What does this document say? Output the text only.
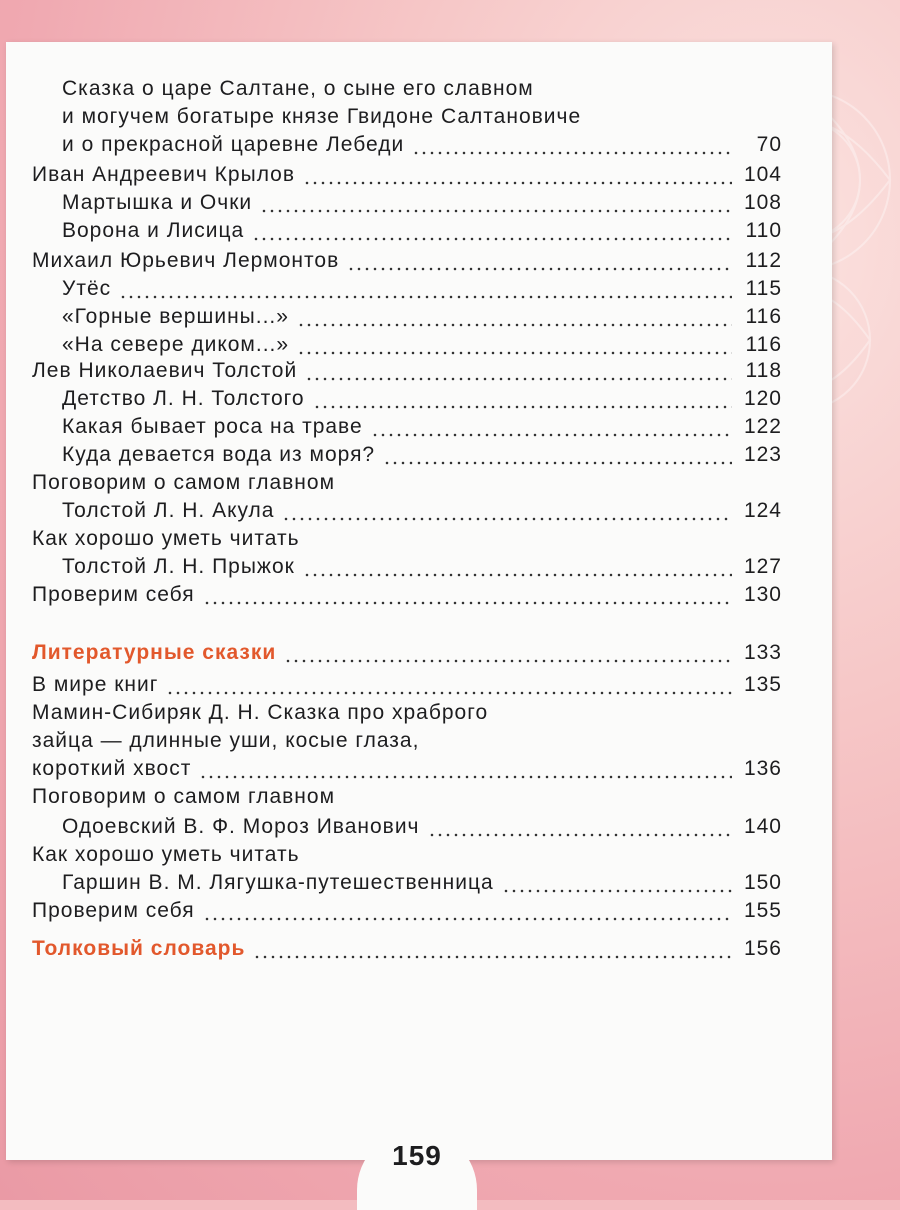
Сказка о царе Салтане, о сыне его славном
и могучем богатыре князе Гвидоне Салтановиче
и о прекрасной царевне Лебеди	70
Иван Андреевич Крылов	104
Мартышка и Очки	108
Ворона и Лисица	110
Михаил Юрьевич Лермонтов	112
Утёс	115
«Горные вершины...»	116
«На севере диком...»	116
Лев Николаевич Толстой	118
Детство Л. Н. Толстого	120
Какая бывает роса на траве	122
Куда девается вода из моря?	123
Поговорим о самом главном
Толстой Л. Н. Акула	124
Как хорошо уметь читать
Толстой Л. Н. Прыжок	127
Проверим себя	130
Литературные сказки	133
В мире книг	135
Мамин-Сибиряк Д. Н. Сказка про храброго
зайца — длинные уши, косые глаза,
короткий хвост	136
Поговорим о самом главном
Одоевский В. Ф. Мороз Иванович	140
Как хорошо уметь читать
Гаршин В. М. Лягушка-путешественница	150
Проверим себя	155
Толковый словарь	156
159
